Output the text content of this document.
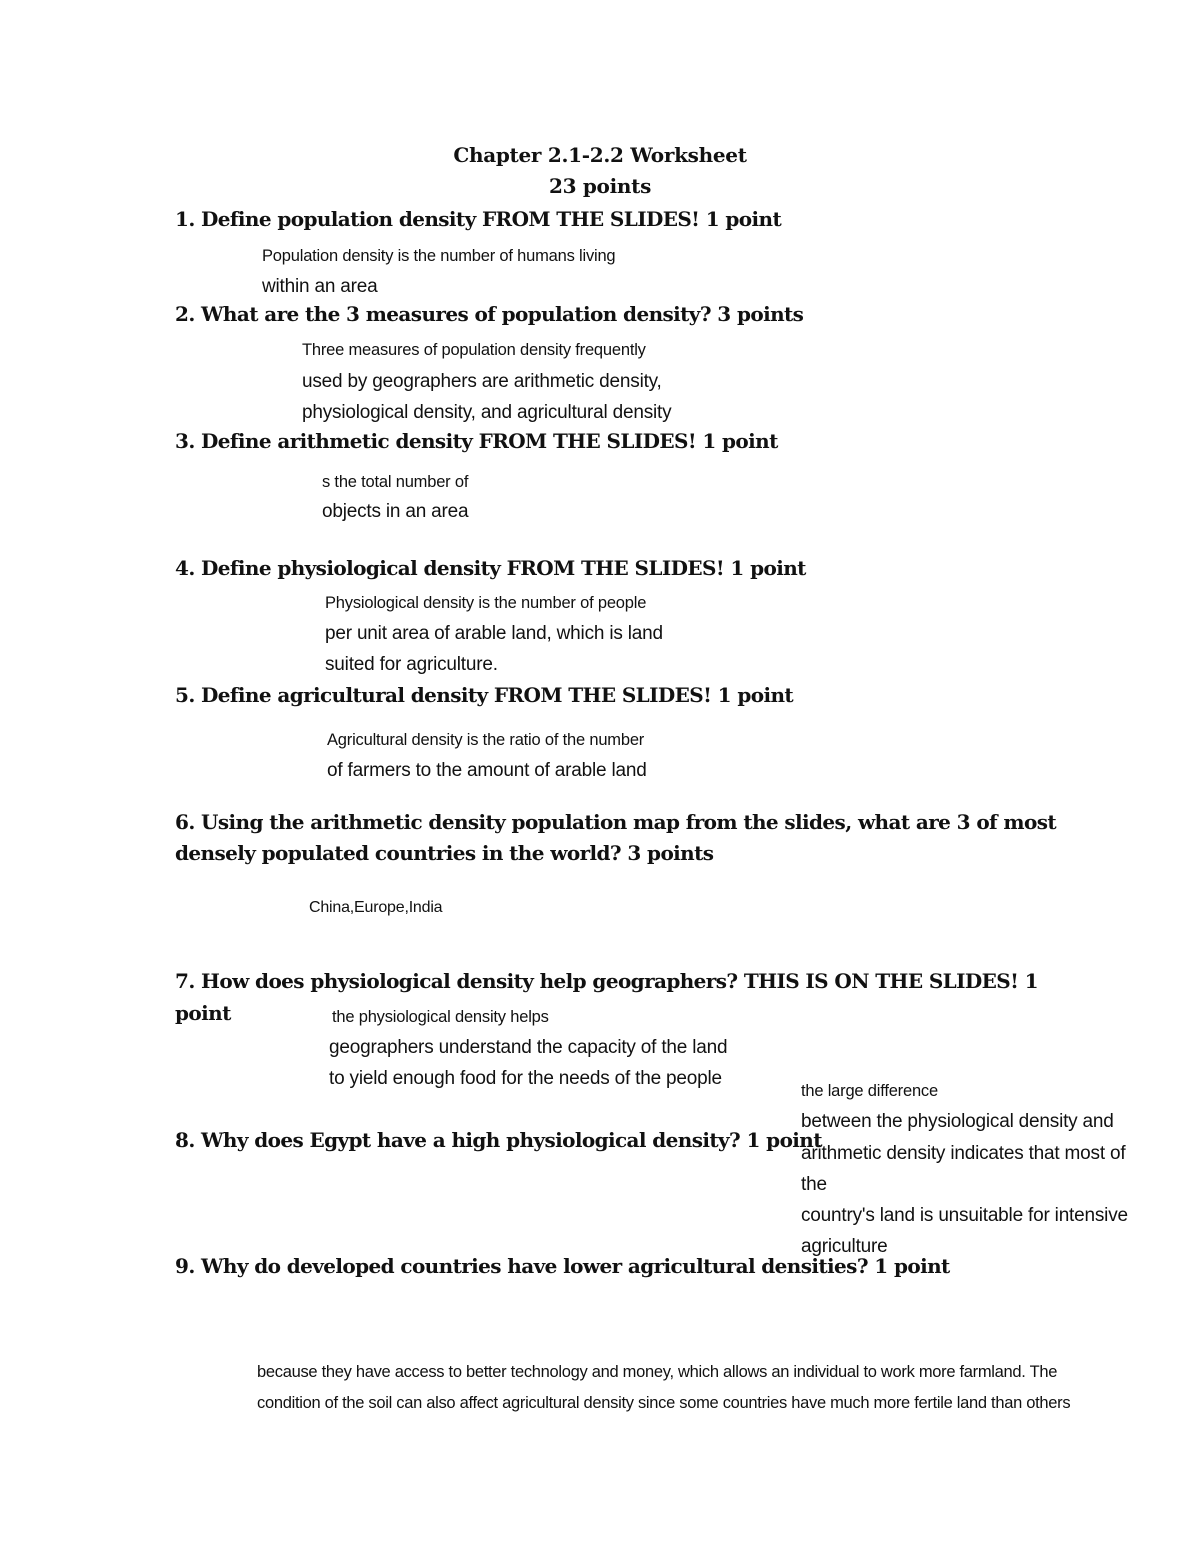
Chapter 2.1-2.2 Worksheet
23 points
1. Define population density FROM THE SLIDES! 1 point
Population density is the number of humans living
within an area
2. What are the 3 measures of population density? 3 points
Three measures of population density frequently
used by geographers are arithmetic density,
physiological density, and agricultural density
3. Define arithmetic density FROM THE SLIDES! 1 point
s the total number of
objects in an area
4. Define physiological density FROM THE SLIDES! 1 point
Physiological density is the number of people
per unit area of arable land, which is land
suited for agriculture.
5. Define agricultural density FROM THE SLIDES! 1 point
Agricultural density is the ratio of the number
of farmers to the amount of arable land
6. Using the arithmetic density population map from the slides, what are 3 of most
densely populated countries in the world? 3 points
China,Europe,India
7. How does physiological density help geographers? THIS IS ON THE SLIDES! 1
point	the physiological density helps
geographers understand the capacity of the land
to yield enough food for the needs of the people
8. Why does Egypt have a high physiological density? 1 point
the large difference
between the physiological density and
arithmetic density indicates that most of
the
country's land is unsuitable for intensive
agriculture
9. Why do developed countries have lower agricultural densities? 1 point
because they have access to better technology and money, which allows an individual to work more farmland. The
condition of the soil can also affect agricultural density since some countries have much more fertile land than others
